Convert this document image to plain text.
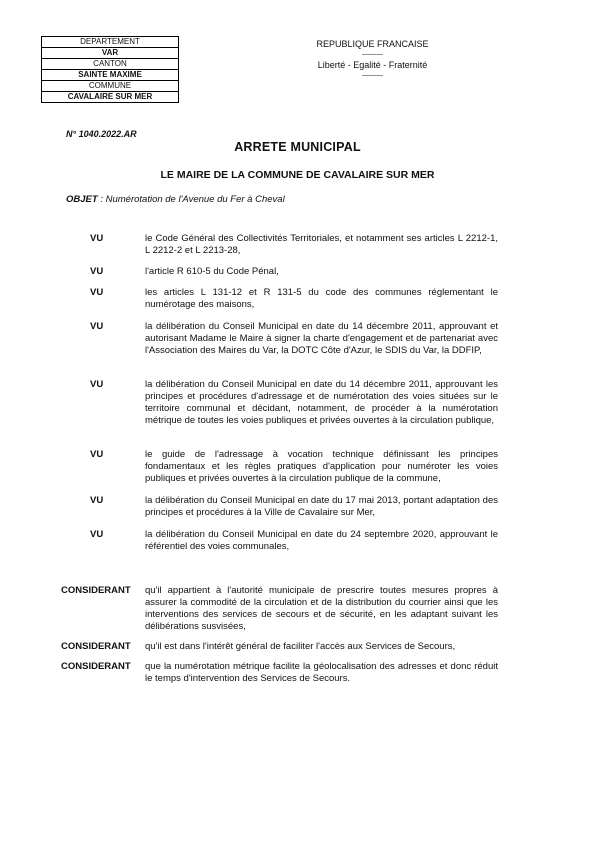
DEPARTEMENT
VAR
CANTON
SAINTE MAXIME
COMMUNE
CAVALAIRE SUR MER
REPUBLIQUE FRANCAISE
———
Liberté - Egalité - Fraternité
———
N° 1040.2022.AR
ARRETE MUNICIPAL
LE MAIRE DE LA COMMUNE DE CAVALAIRE SUR MER
OBJET : Numérotation de l'Avenue du Fer à Cheval
VU	le Code Général des Collectivités Territoriales, et notamment ses articles L 2212-1, L 2212-2 et L 2213-28,
VU	l'article R 610-5 du Code Pénal,
VU	les articles L 131-12 et R 131-5 du code des communes réglementant le numérotage des maisons,
VU	la délibération du Conseil Municipal en date du 14 décembre 2011, approuvant et autorisant Madame le Maire à signer la charte d'engagement et de partenariat avec l'Association des Maires du Var, la DOTC Côte d'Azur, le SDIS du Var, la DDFIP,
VU	la délibération du Conseil Municipal en date du 14 décembre 2011, approuvant les principes et procédures d'adressage et de numérotation des voies situées sur le territoire communal et décidant, notamment, de procéder à la numérotation métrique de toutes les voies publiques et privées ouvertes à la circulation publique,
VU	le guide de l'adressage à vocation technique définissant les principes fondamentaux et les règles pratiques d'application pour numéroter les voies publiques et privées ouvertes à la circulation publique de la commune,
VU	la délibération du Conseil Municipal en date du 17 mai 2013, portant adaptation des principes et procédures à la Ville de Cavalaire sur Mer,
VU	la délibération du Conseil Municipal en date du 24 septembre 2020, approuvant le référentiel des voies communales,
CONSIDERANT qu'il appartient à l'autorité municipale de prescrire toutes mesures propres à assurer la commodité de la circulation et de la distribution du courrier ainsi que les interventions des services de secours et de sécurité, en les adaptant suivant les délibérations susvisées,
CONSIDERANT qu'il est dans l'intérêt général de faciliter l'accès aux Services de Secours,
CONSIDERANT que la numérotation métrique facilite la géolocalisation des adresses et donc réduit le temps d'intervention des Services de Secours.
